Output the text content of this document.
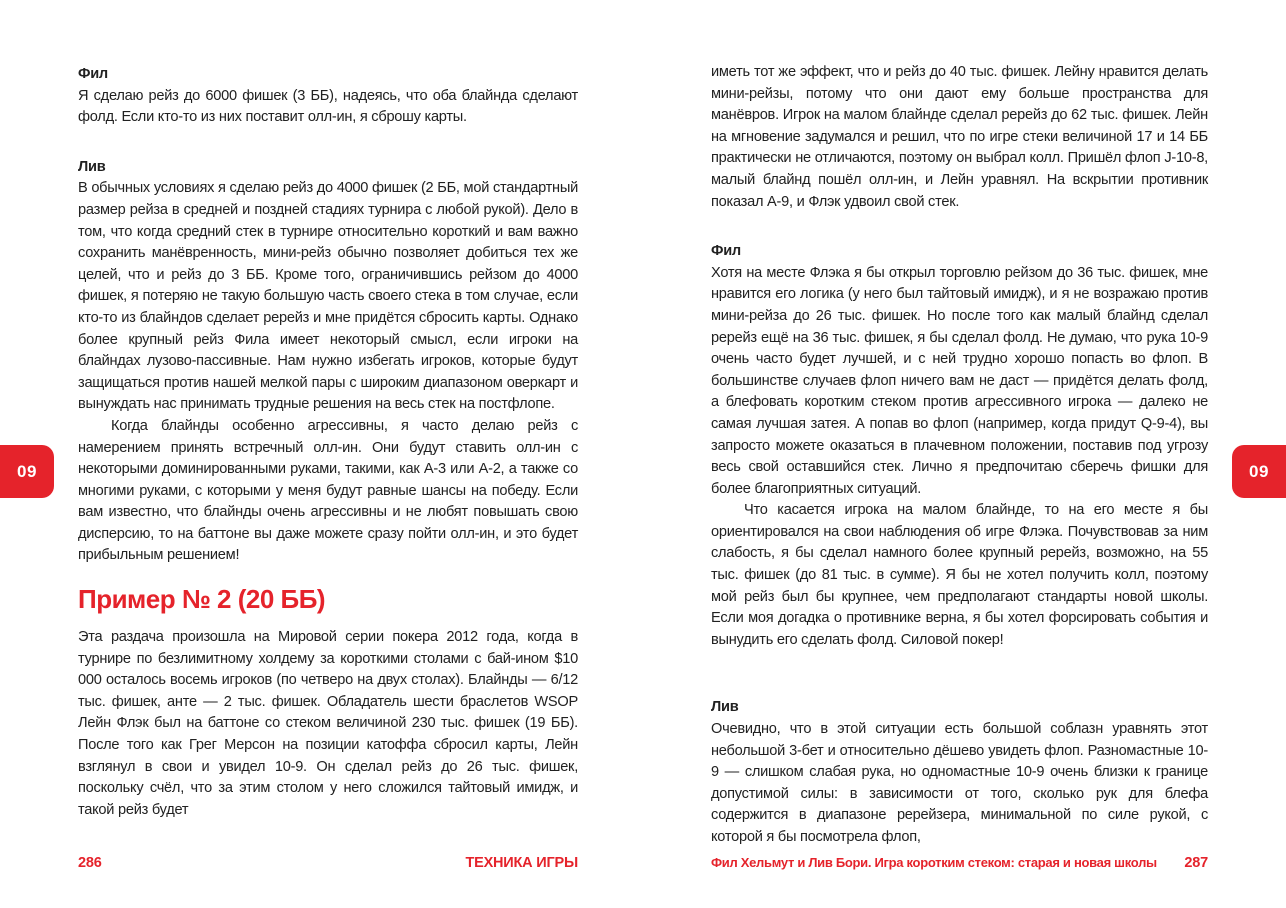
09	09
Фил
Я сделаю рейз до 6000 фишек (3 ББ), надеясь, что оба блайнда сделают фолд. Если кто-то из них поставит олл-ин, я сброшу карты.
Лив
В обычных условиях я сделаю рейз до 4000 фишек (2 ББ, мой стандартный размер рейза в средней и поздней стадиях турнира с любой рукой). Дело в том, что когда средний стек в турнире относительно короткий и вам важно сохранить манёвренность, мини-рейз обычно позволяет добиться тех же целей, что и рейз до 3 ББ. Кроме того, ограничившись рейзом до 4000 фишек, я потеряю не такую большую часть своего стека в том случае, если кто-то из блайндов сделает ререйз и мне придётся сбросить карты. Однако более крупный рейз Фила имеет некоторый смысл, если игроки на блайндах лузово-пассивные. Нам нужно избегать игроков, которые будут защищаться против нашей мелкой пары с широким диапазоном оверкарт и вынуждать нас принимать трудные решения на весь стек на постфлопе.
Когда блайнды особенно агрессивны, я часто делаю рейз с намерением принять встречный олл-ин. Они будут ставить олл-ин с некоторыми доминированными руками, такими, как А-3 или А-2, а также со многими руками, с которыми у меня будут равные шансы на победу. Если вам известно, что блайнды очень агрессивны и не любят повышать свою дисперсию, то на баттоне вы даже можете сразу пойти олл-ин, и это будет прибыльным решением!
Пример № 2 (20 ББ)
Эта раздача произошла на Мировой серии покера 2012 года, когда в турнире по безлимитному холдему за короткими столами с бай-ином $10 000 осталось восемь игроков (по четверо на двух столах). Блайнды — 6/12 тыс. фишек, анте — 2 тыс. фишек. Обладатель шести браслетов WSOP Лейн Флэк был на баттоне со стеком величиной 230 тыс. фишек (19 ББ). После того как Грег Мерсон на позиции катоффа сбросил карты, Лейн взглянул в свои и увидел 10-9. Он сделал рейз до 26 тыс. фишек, поскольку счёл, что за этим столом у него сложился тайтовый имидж, и такой рейз будет
иметь тот же эффект, что и рейз до 40 тыс. фишек. Лейну нравится делать мини-рейзы, потому что они дают ему больше пространства для манёвров. Игрок на малом блайнде сделал ререйз до 62 тыс. фишек. Лейн на мгновение задумался и решил, что по игре стеки величиной 17 и 14 ББ практически не отличаются, поэтому он выбрал колл. Пришёл флоп J-10-8, малый блайнд пошёл олл-ин, и Лейн уравнял. На вскрытии противник показал А-9, и Флэк удвоил свой стек.
Фил
Хотя на месте Флэка я бы открыл торговлю рейзом до 36 тыс. фишек, мне нравится его логика (у него был тайтовый имидж), и я не возражаю против мини-рейза до 26 тыс. фишек. Но после того как малый блайнд сделал ререйз ещё на 36 тыс. фишек, я бы сделал фолд. Не думаю, что рука 10-9 очень часто будет лучшей, и с ней трудно хорошо попасть во флоп. В большинстве случаев флоп ничего вам не даст — придётся делать фолд, а блефовать коротким стеком против агрессивного игрока — далеко не самая лучшая затея. А попав во флоп (например, когда придут Q-9-4), вы запросто можете оказаться в плачевном положении, поставив под угрозу весь свой оставшийся стек. Лично я предпочитаю сберечь фишки для более благоприятных ситуаций.
Что касается игрока на малом блайнде, то на его месте я бы ориентировался на свои наблюдения об игре Флэка. Почувствовав за ним слабость, я бы сделал намного более крупный ререйз, возможно, на 55 тыс. фишек (до 81 тыс. в сумме). Я бы не хотел получить колл, поэтому мой рейз был бы крупнее, чем предполагают стандарты новой школы. Если моя догадка о противнике верна, я бы хотел форсировать события и вынудить его сделать фолд. Силовой покер!
Лив
Очевидно, что в этой ситуации есть большой соблазн уравнять этот небольшой 3-бет и относительно дёшево увидеть флоп. Разномастные 10-9 — слишком слабая рука, но одномастные 10-9 очень близки к границе допустимой силы: в зависимости от того, сколько рук для блефа содержится в диапазоне ререйзера, минимальной по силе рукой, с которой я бы посмотрела флоп,
286	ТЕХНИКА ИГРЫ	Фил Хельмут и Лив Бори. Игра коротким стеком: старая и новая школы 287
